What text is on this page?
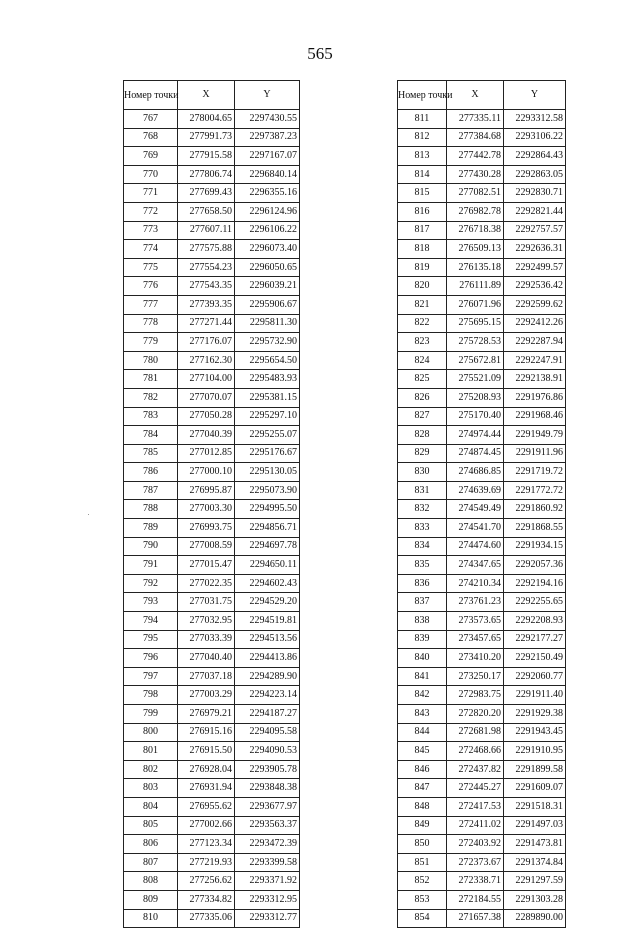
565
Номер точки	X	Y
767	278004.65	2297430.55
768	277991.73	2297387.23
769	277915.58	2297167.07
770	277806.74	2296840.14
771	277699.43	2296355.16
772	277658.50	2296124.96
773	277607.11	2296106.22
774	277575.88	2296073.40
775	277554.23	2296050.65
776	277543.35	2296039.21
777	277393.35	2295906.67
778	277271.44	2295811.30
779	277176.07	2295732.90
780	277162.30	2295654.50
781	277104.00	2295483.93
782	277070.07	2295381.15
783	277050.28	2295297.10
784	277040.39	2295255.07
785	277012.85	2295176.67
786	277000.10	2295130.05
787	276995.87	2295073.90
788	277003.30	2294995.50
789	276993.75	2294856.71
790	277008.59	2294697.78
791	277015.47	2294650.11
792	277022.35	2294602.43
793	277031.75	2294529.20
794	277032.95	2294519.81
795	277033.39	2294513.56
796	277040.40	2294413.86
797	277037.18	2294289.90
798	277003.29	2294223.14
799	276979.21	2294187.27
800	276915.16	2294095.58
801	276915.50	2294090.53
802	276928.04	2293905.78
803	276931.94	2293848.38
804	276955.62	2293677.97
805	277002.66	2293563.37
806	277123.34	2293472.39
807	277219.93	2293399.58
808	277256.62	2293371.92
809	277334.82	2293312.95
810	277335.06	2293312.77
Номер точки	X	Y
811	277335.11	2293312.58
812	277384.68	2293106.22
813	277442.78	2292864.43
814	277430.28	2292863.05
815	277082.51	2292830.71
816	276982.78	2292821.44
817	276718.38	2292757.57
818	276509.13	2292636.31
819	276135.18	2292499.57
820	276111.89	2292536.42
821	276071.96	2292599.62
822	275695.15	2292412.26
823	275728.53	2292287.94
824	275672.81	2292247.91
825	275521.09	2292138.91
826	275208.93	2291976.86
827	275170.40	2291968.46
828	274974.44	2291949.79
829	274874.45	2291911.96
830	274686.85	2291719.72
831	274639.69	2291772.72
832	274549.49	2291860.92
833	274541.70	2291868.55
834	274474.60	2291934.15
835	274347.65	2292057.36
836	274210.34	2292194.16
837	273761.23	2292255.65
838	273573.65	2292208.93
839	273457.65	2292177.27
840	273410.20	2292150.49
841	273250.17	2292060.77
842	272983.75	2291911.40
843	272820.20	2291929.38
844	272681.98	2291943.45
845	272468.66	2291910.95
846	272437.82	2291899.58
847	272445.27	2291609.07
848	272417.53	2291518.31
849	272411.02	2291497.03
850	272403.92	2291473.81
851	272373.67	2291374.84
852	272338.71	2291297.59
853	272184.55	2291303.28
854	271657.38	2289890.00
